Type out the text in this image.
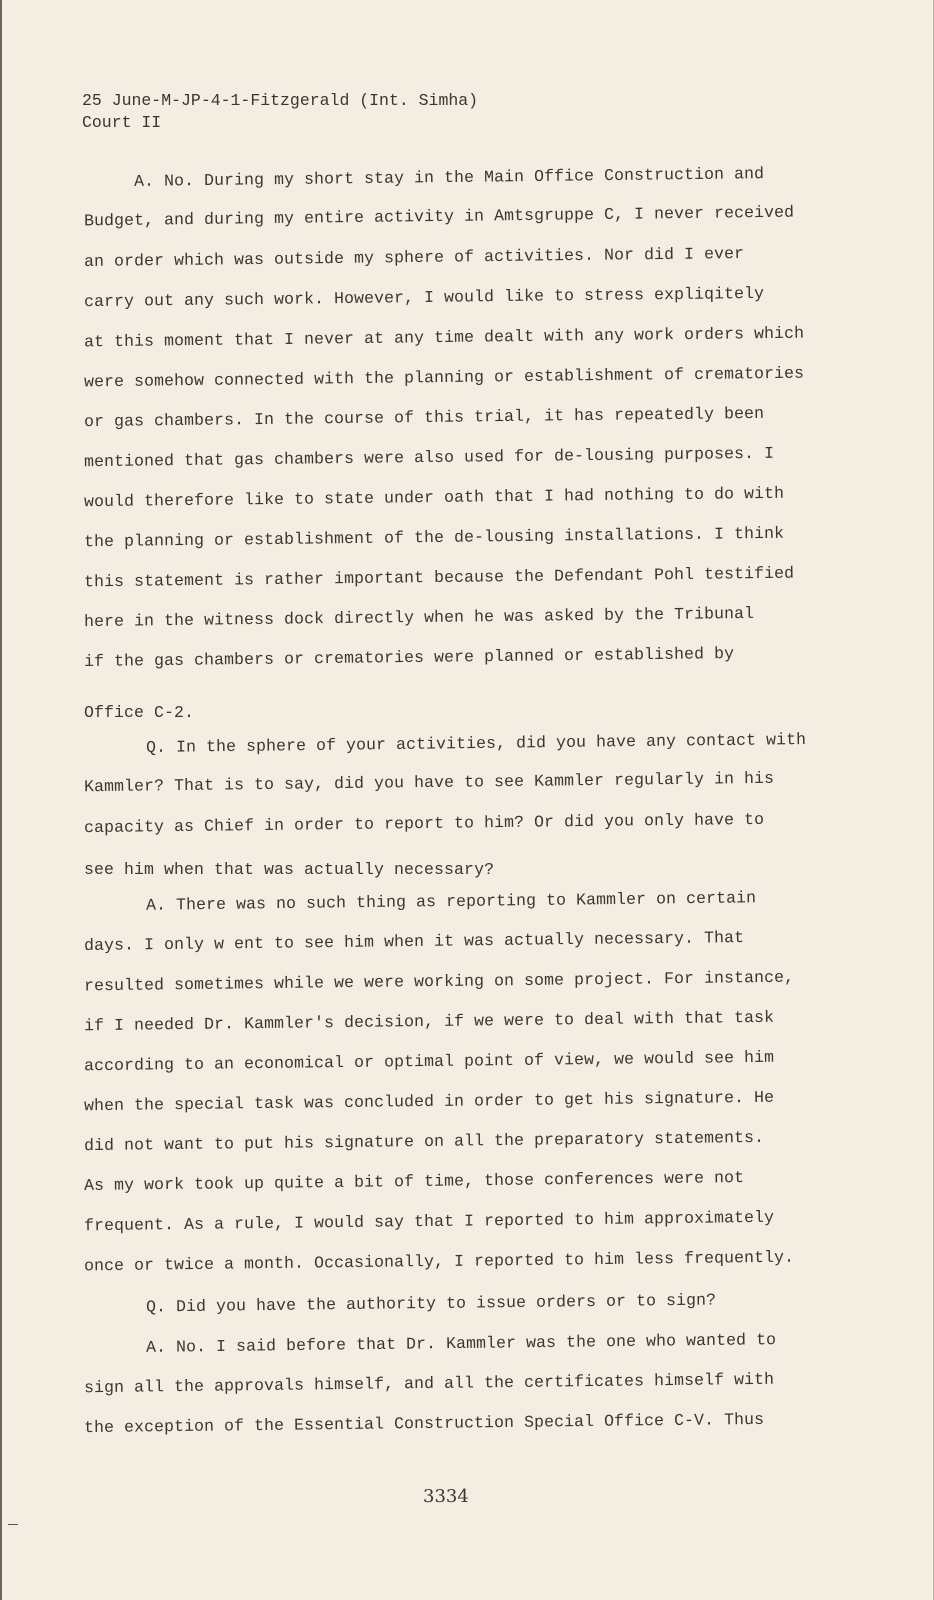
25 June-M-JP-4-1-Fitzgerald (Int. Simha)
Court II
A. No. During my short stay in the Main Office Construction and
Budget, and during my entire activity in Amtsgruppe C, I never received
an order which was outside my sphere of activities. Nor did I ever
carry out any such work. However, I would like to stress expliqitely
at this moment that I never at any time dealt with any work orders which
were somehow connected with the planning or establishment of crematories
or gas chambers. In the course of this trial, it has repeatedly been
mentioned that gas chambers were also used for de-lousing purposes. I
would therefore like to state under oath that I had nothing to do with
the planning or establishment of the de-lousing installations. I think
this statement is rather important because the Defendant Pohl testified
here in the witness dock directly when he was asked by the Tribunal
if the gas chambers or crematories were planned or established by
Office C-2.
Q. In the sphere of your activities, did you have any contact with
Kammler? That is to say, did you have to see Kammler regularly in his
capacity as Chief in order to report to him? Or did you only have to
see him when that was actually necessary?
A. There was no such thing as reporting to Kammler on certain
days. I only w ent to see him when it was actually necessary. That
resulted sometimes while we were working on some project. For instance,
if I needed Dr. Kammler's decision, if we were to deal with that task
according to an economical or optimal point of view, we would see him
when the special task was concluded in order to get his signature. He
did not want to put his signature on all the preparatory statements.
As my work took up quite a bit of time, those conferences were not
frequent. As a rule, I would say that I reported to him approximately
once or twice a month. Occasionally, I reported to him less frequently.
Q. Did you have the authority to issue orders or to sign?
A. No. I said before that Dr. Kammler was the one who wanted to
sign all the approvals himself, and all the certificates himself with
the exception of the Essential Construction Special Office C-V. Thus
3334
